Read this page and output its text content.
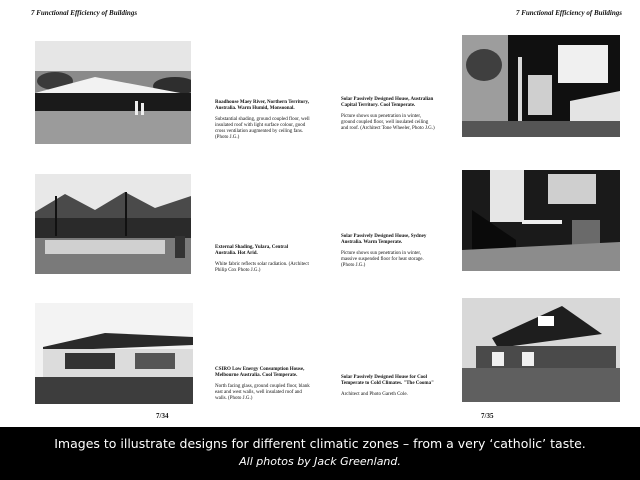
7 Functional Efficiency of Buildings	7 Functional Efficiency of Buildings
Roadhouse Maey River, Northern Territory, Australia. Warm Humid, Monsoonal.
Substantial shading, ground coupled floor, well insulated roof with light surface colour, good cross ventilation augmented by ceiling fans. (Photo J.G.)
External Shading, Yulara, Central Australia. Hot Arid.
White fabric reflects solar radiation. (Architect Philip Cox Photo J.G.)
CSIRO Low Energy Consumption House, Melbourne Australia. Cool Temperate.
North facing glass, ground coupled floor, blank east and west walls, well insulated roof and walls. (Photo J.G.)
Solar Passively Designed House, Australian Capital Territory. Cool Temperate.
Picture shows sun penetration in winter, ground coupled floor, well insulated ceiling and roof. (Architect Tone Wheeler, Photo J.G.)
Solar Passively Designed House, Sydney Australia. Warm Temperate.
Picture shows sun penetration in winter, massive suspended floor for heat storage.(Photo J.G.)
Solar Passively Designed House for Cool Temperate to Cold Climates. "The Cooma"
Architect and Photo Gareth Cole.
7/34	7/35
Images to illustrate designs for different climatic zones – from a very ‘catholic’ taste.
All photos by Jack Greenland.
